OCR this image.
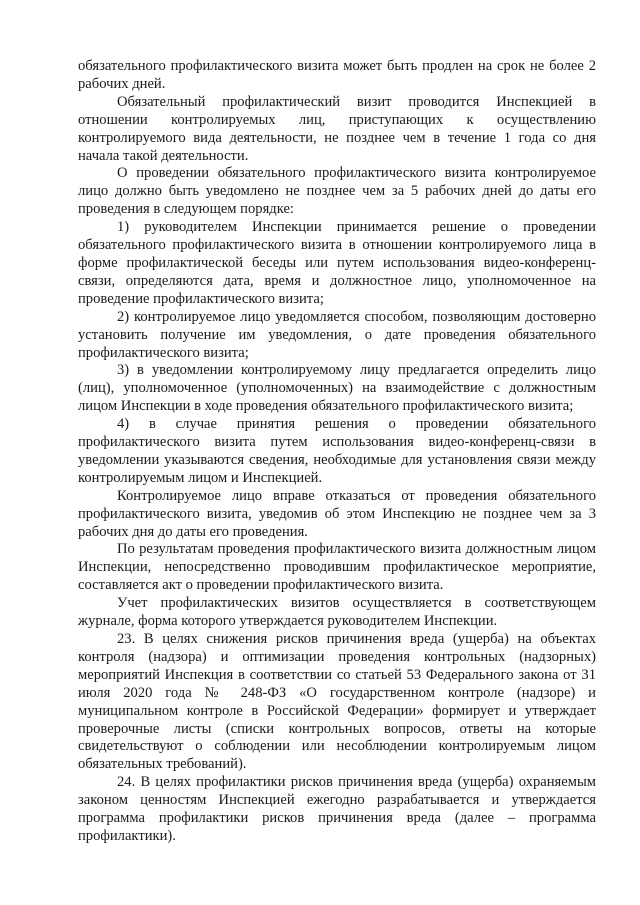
обязательного профилактического визита может быть продлен на срок не более 2 рабочих дней.

Обязательный профилактический визит проводится Инспекцией в отношении контролируемых лиц, приступающих к осуществлению контролируемого вида деятельности, не позднее чем в течение 1 года со дня начала такой деятельности.

О проведении обязательного профилактического визита контролируемое лицо должно быть уведомлено не позднее чем за 5 рабочих дней до даты его проведения в следующем порядке:

1) руководителем Инспекции принимается решение о проведении обязательного профилактического визита в отношении контролируемого лица в форме профилактической беседы или путем использования видео-конференц-связи, определяются дата, время и должностное лицо, уполномоченное на проведение профилактического визита;

2) контролируемое лицо уведомляется способом, позволяющим достоверно установить получение им уведомления, о дате проведения обязательного профилактического визита;

3) в уведомлении контролируемому лицу предлагается определить лицо (лиц), уполномоченное (уполномоченных) на взаимодействие с должностным лицом Инспекции в ходе проведения обязательного профилактического визита;

4) в случае принятия решения о проведении обязательного профилактического визита путем использования видео-конференц-связи в уведомлении указываются сведения, необходимые для установления связи между контролируемым лицом и Инспекцией.

Контролируемое лицо вправе отказаться от проведения обязательного профилактического визита, уведомив об этом Инспекцию не позднее чем за 3 рабочих дня до даты его проведения.

По результатам проведения профилактического визита должностным лицом Инспекции, непосредственно проводившим профилактическое мероприятие, составляется акт о проведении профилактического визита.

Учет профилактических визитов осуществляется в соответствующем журнале, форма которого утверждается руководителем Инспекции.

23. В целях снижения рисков причинения вреда (ущерба) на объектах контроля (надзора) и оптимизации проведения контрольных (надзорных) мероприятий Инспекция в соответствии со статьей 53 Федерального закона от 31 июля 2020 года № 248-ФЗ «О государственном контроле (надзоре) и муниципальном контроле в Российской Федерации» формирует и утверждает проверочные листы (списки контрольных вопросов, ответы на которые свидетельствуют о соблюдении или несоблюдении контролируемым лицом обязательных требований).

24. В целях профилактики рисков причинения вреда (ущерба) охраняемым законом ценностям Инспекцией ежегодно разрабатывается и утверждается программа профилактики рисков причинения вреда (далее – программа профилактики).
